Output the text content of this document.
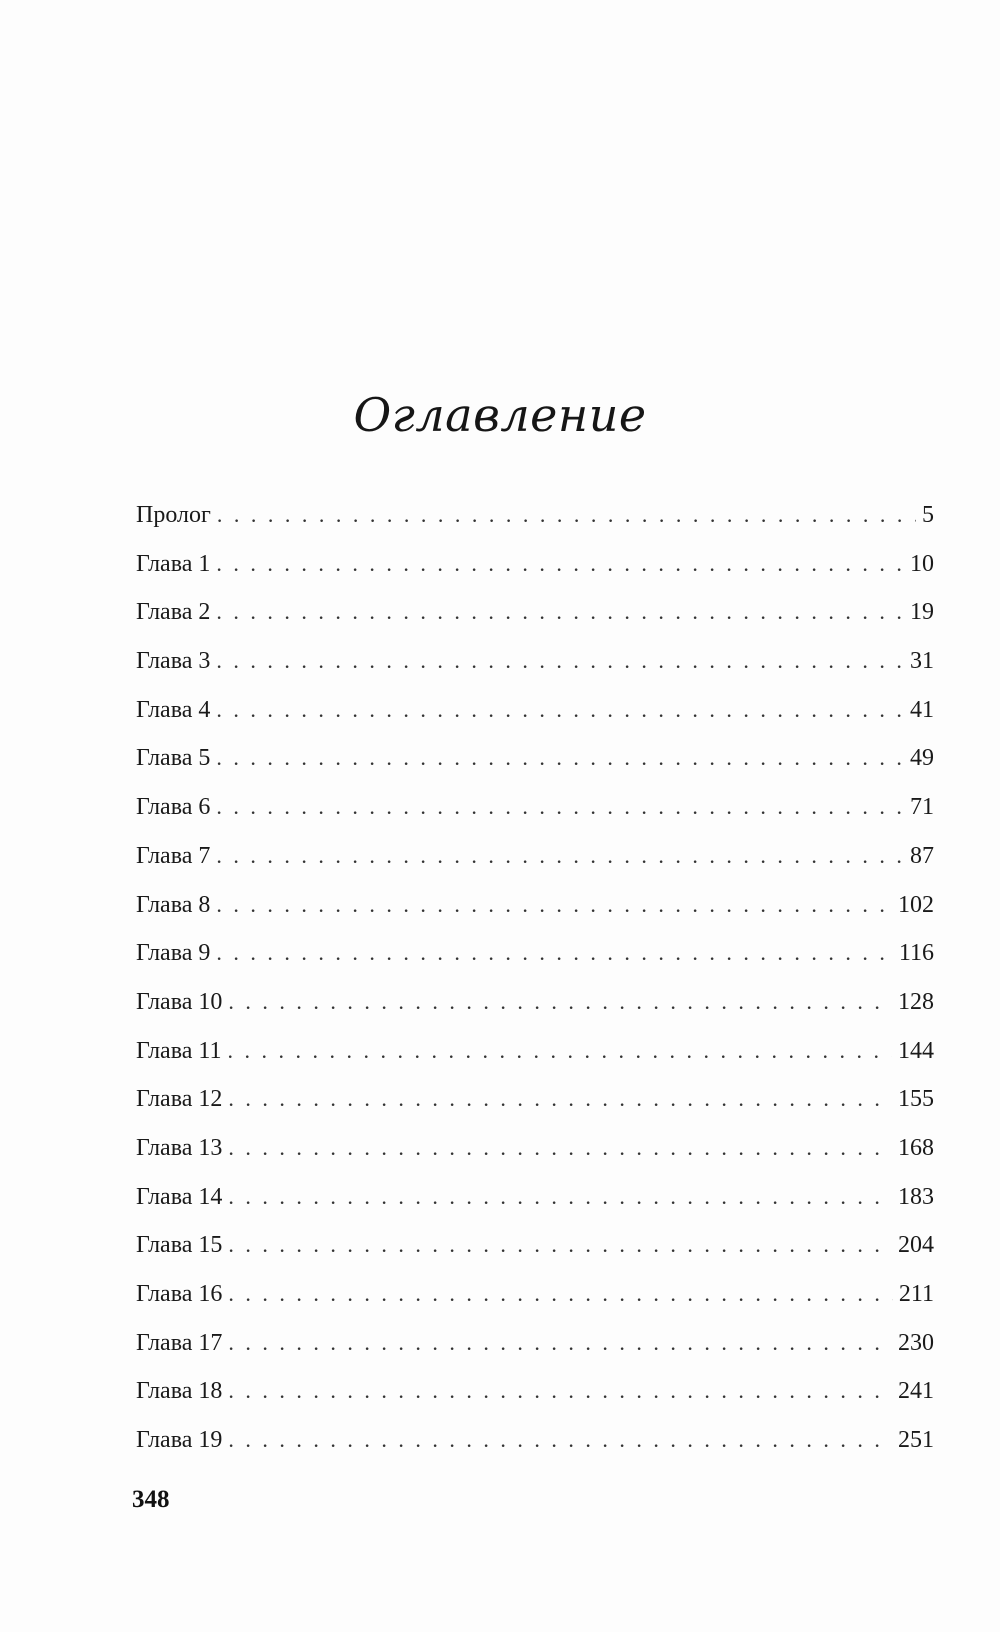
Оглавление
Пролог . . .	5
Глава 1 . . .	10
Глава 2 . . .	19
Глава 3 . . .	31
Глава 4 . . .	41
Глава 5 . . .	49
Глава 6 . . .	71
Глава 7 . . .	87
Глава 8 . . .	102
Глава 9 . . .	116
Глава 10 . . .	128
Глава 11 . . .	144
Глава 12 . . .	155
Глава 13 . . .	168
Глава 14 . . .	183
Глава 15 . . .	204
Глава 16 . . .	211
Глава 17 . . .	230
Глава 18 . . .	241
Глава 19 . . .	251
348
